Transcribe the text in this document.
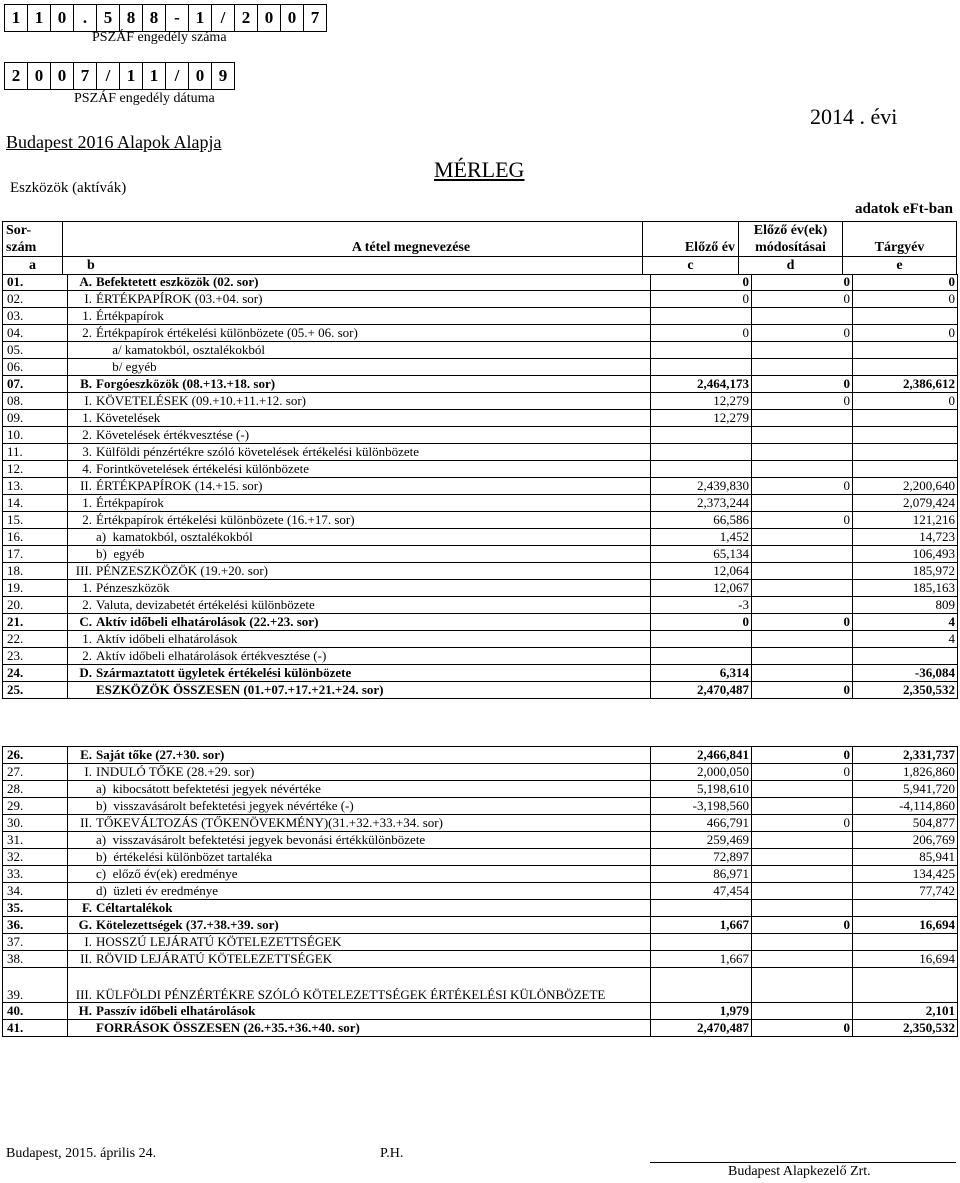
1	1	0	.	5	8	8	-	1	/	2	0	0	7
PSZÁF engedély száma
2	0	0	7	/	1	1	/	0	9
PSZÁF engedély dátuma
Budapest 2016 Alapok Alapja
2014 . évi
MÉRLEG
Eszközök (aktívák)
adatok eFt-ban
Sor-
szám	A tétel megnevezése	Előző év	Előző év(ek)
módosításai	Tárgyév
a	b	c	d	e
01.	A.	Befektetett eszközök (02. sor)	0	0	0
02.	I.	ÉRTÉKPAPÍROK (03.+04. sor)	0	0	0
03.	1.	Értékpapírok			
04.	2.	Értékpapírok értékelési különbözete (05.+ 06. sor)	0	0	0
05.		a/ kamatokból, osztalékokból			
06.		b/ egyéb			
07.	B.	Forgóeszközök (08.+13.+18. sor)	2,464,173	0	2,386,612
08.	I.	KÖVETELÉSEK (09.+10.+11.+12. sor)	12,279	0	0
09.	1.	Követelések	12,279		
10.	2.	Követelések értékvesztése (-)			
11.	3.	Külföldi pénzértékre szóló követelések értékelési különbözete			
12.	4.	Forintkövetelések értékelési különbözete			
13.	II.	ÉRTÉKPAPÍROK (14.+15. sor)	2,439,830	0	2,200,640
14.	1.	Értékpapírok	2,373,244		2,079,424
15.	2.	Értékpapírok értékelési különbözete (16.+17. sor)	66,586	0	121,216
16.		a)  kamatokból, osztalékokból	1,452		14,723
17.		b)  egyéb	65,134		106,493
18.	III.	PÉNZESZKÖZÖK (19.+20. sor)	12,064		185,972
19.	1.	Pénzeszközök	12,067		185,163
20.	2.	Valuta, devizabetét értékelési különbözete	-3		809
21.	C.	Aktív időbeli elhatárolások (22.+23. sor)	0	0	4
22.	1.	Aktív időbeli elhatárolások			4
23.	2.	Aktív időbeli elhatárolások értékvesztése (-)			
24.	D.	Származtatott ügyletek értékelési különbözete	6,314		-36,084
25.		ESZKÖZÖK ÖSSZESEN (01.+07.+17.+21.+24. sor)	2,470,487	0	2,350,532
26.	E.	Saját tőke (27.+30. sor)	2,466,841	0	2,331,737
27.	I.	INDULÓ TŐKE (28.+29. sor)	2,000,050	0	1,826,860
28.		a)  kibocsátott befektetési jegyek névértéke	5,198,610		5,941,720
29.		b)  visszavásárolt befektetési jegyek névértéke (-)	-3,198,560		-4,114,860
30.	II.	TŐKEVÁLTOZÁS (TŐKENÖVEKMÉNY)(31.+32.+33.+34. sor)	466,791	0	504,877
31.		a)  visszavásárolt befektetési jegyek bevonási értékkülönbözete	259,469		206,769
32.		b)  értékelési különbözet tartaléka	72,897		85,941
33.		c)  előző év(ek) eredménye	86,971		134,425
34.		d)  üzleti év eredménye	47,454		77,742
35.	F.	Céltartalékok			
36.	G.	Kötelezettségek (37.+38.+39. sor)	1,667	0	16,694
37.	I.	HOSSZÚ LEJÁRATÚ KÖTELEZETTSÉGEK			
38.	II.	RÖVID LEJÁRATÚ KÖTELEZETTSÉGEK	1,667		16,694
39.	III.	KÜLFÖLDI PÉNZÉRTÉKRE SZÓLÓ KÖTELEZETTSÉGEK ÉRTÉKELÉSI KÜLÖNBÖZETE			
40.	H.	Passzív időbeli elhatárolások	1,979		2,101
41.		FORRÁSOK ÖSSZESEN (26.+35.+36.+40. sor)	2,470,487	0	2,350,532
Budapest, 2015. április 24.	P.H.
Budapest Alapkezelő Zrt.
